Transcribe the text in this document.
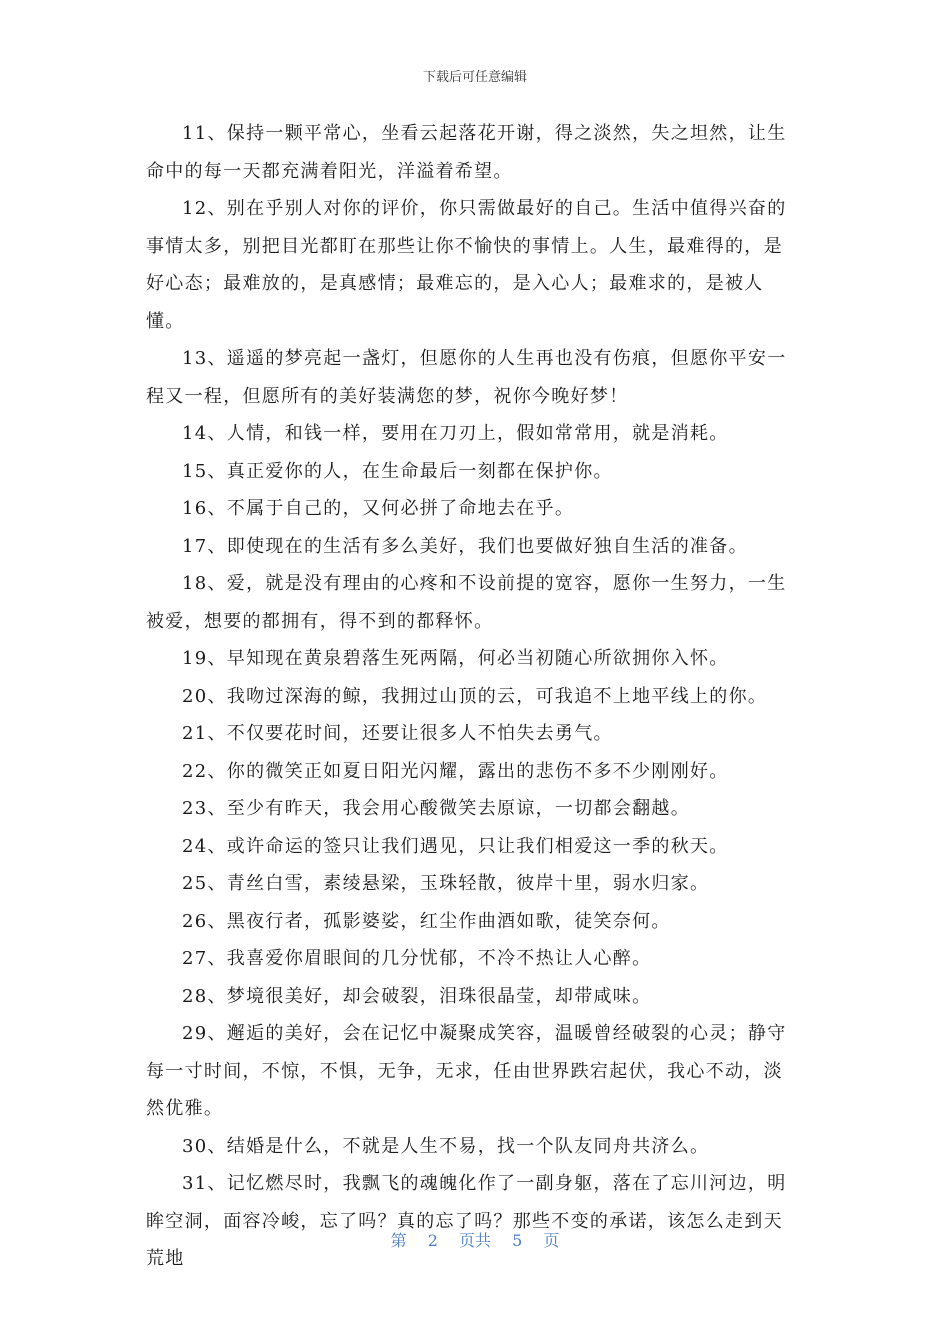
下载后可任意编辑

11、保持一颗平常心，坐看云起落花开谢，得之淡然，失之坦然，让生命中的每一天都充满着阳光，洋溢着希望。

12、别在乎别人对你的评价，你只需做最好的自己。生活中值得兴奋的事情太多，别把目光都盯在那些让你不愉快的事情上。人生，最难得的，是好心态；最难放的，是真感情；最难忘的，是入心人；最难求的，是被人懂。

13、遥遥的梦亮起一盏灯，但愿你的人生再也没有伤痕，但愿你平安一程又一程，但愿所有的美好装满您的梦，祝你今晚好梦！

14、人情，和钱一样，要用在刀刃上，假如常常用，就是消耗。

15、真正爱你的人，在生命最后一刻都在保护你。

16、不属于自己的，又何必拼了命地去在乎。

17、即使现在的生活有多么美好，我们也要做好独自生活的准备。

18、爱，就是没有理由的心疼和不设前提的宽容，愿你一生努力，一生被爱，想要的都拥有，得不到的都释怀。

19、早知现在黄泉碧落生死两隔，何必当初随心所欲拥你入怀。

20、我吻过深海的鲸，我拥过山顶的云，可我追不上地平线上的你。

21、不仅要花时间，还要让很多人不怕失去勇气。

22、你的微笑正如夏日阳光闪耀，露出的悲伤不多不少刚刚好。

23、至少有昨天，我会用心酸微笑去原谅，一切都会翻越。

24、或许命运的签只让我们遇见，只让我们相爱这一季的秋天。

25、青丝白雪，素绫悬梁，玉珠轻散，彼岸十里，弱水归家。

26、黑夜行者，孤影婆娑，红尘作曲酒如歌，徒笑奈何。

27、我喜爱你眉眼间的几分忧郁，不冷不热让人心醉。

28、梦境很美好，却会破裂，泪珠很晶莹，却带咸味。

29、邂逅的美好，会在记忆中凝聚成笑容，温暖曾经破裂的心灵；静守每一寸时间，不惊，不惧，无争，无求，任由世界跌宕起伏，我心不动，淡然优雅。

30、结婚是什么，不就是人生不易，找一个队友同舟共济么。

31、记忆燃尽时，我飘飞的魂魄化作了一副身躯，落在了忘川河边，明眸空洞，面容冷峻，忘了吗？真的忘了吗？那些不变的承诺，该怎么走到天荒地

第 2 页共 5 页
